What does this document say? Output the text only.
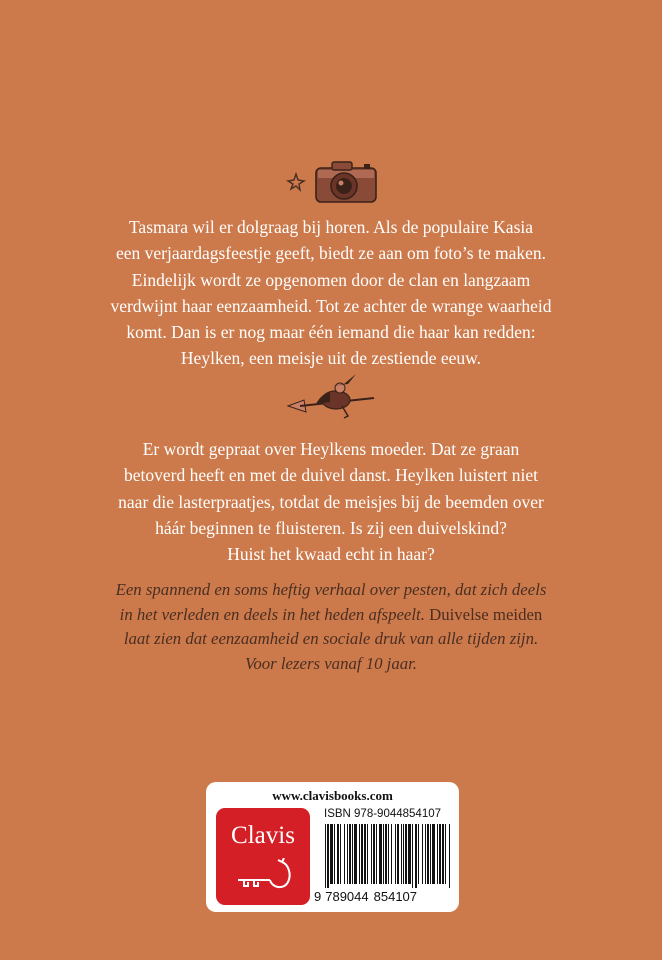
Tasmara wil er dolgraag bij horen. Als de populaire Kasia
een verjaardagsfeestje geeft, biedt ze aan om foto’s te maken.
Eindelijk wordt ze opgenomen door de clan en langzaam
verdwijnt haar eenzaamheid. Tot ze achter de wrange waarheid
komt. Dan is er nog maar één iemand die haar kan redden:
Heylken, een meisje uit de zestiende eeuw.
Er wordt gepraat over Heylkens moeder. Dat ze graan
betoverd heeft en met de duivel danst. Heylken luistert niet
naar die lasterpraatjes, totdat de meisjes bij de beemden over
háár beginnen te fluisteren. Is zij een duivelskind?
Huist het kwaad echt in haar?
Een spannend en soms heftig verhaal over pesten, dat zich deels
in het verleden en deels in het heden afspeelt. Duivelse meiden
laat zien dat eenzaamheid en sociale druk van alle tijden zijn.
Voor lezers vanaf 10 jaar.
www.clavisbooks.com
Clavis
ISBN 978-9044854107
9 789044 854107
